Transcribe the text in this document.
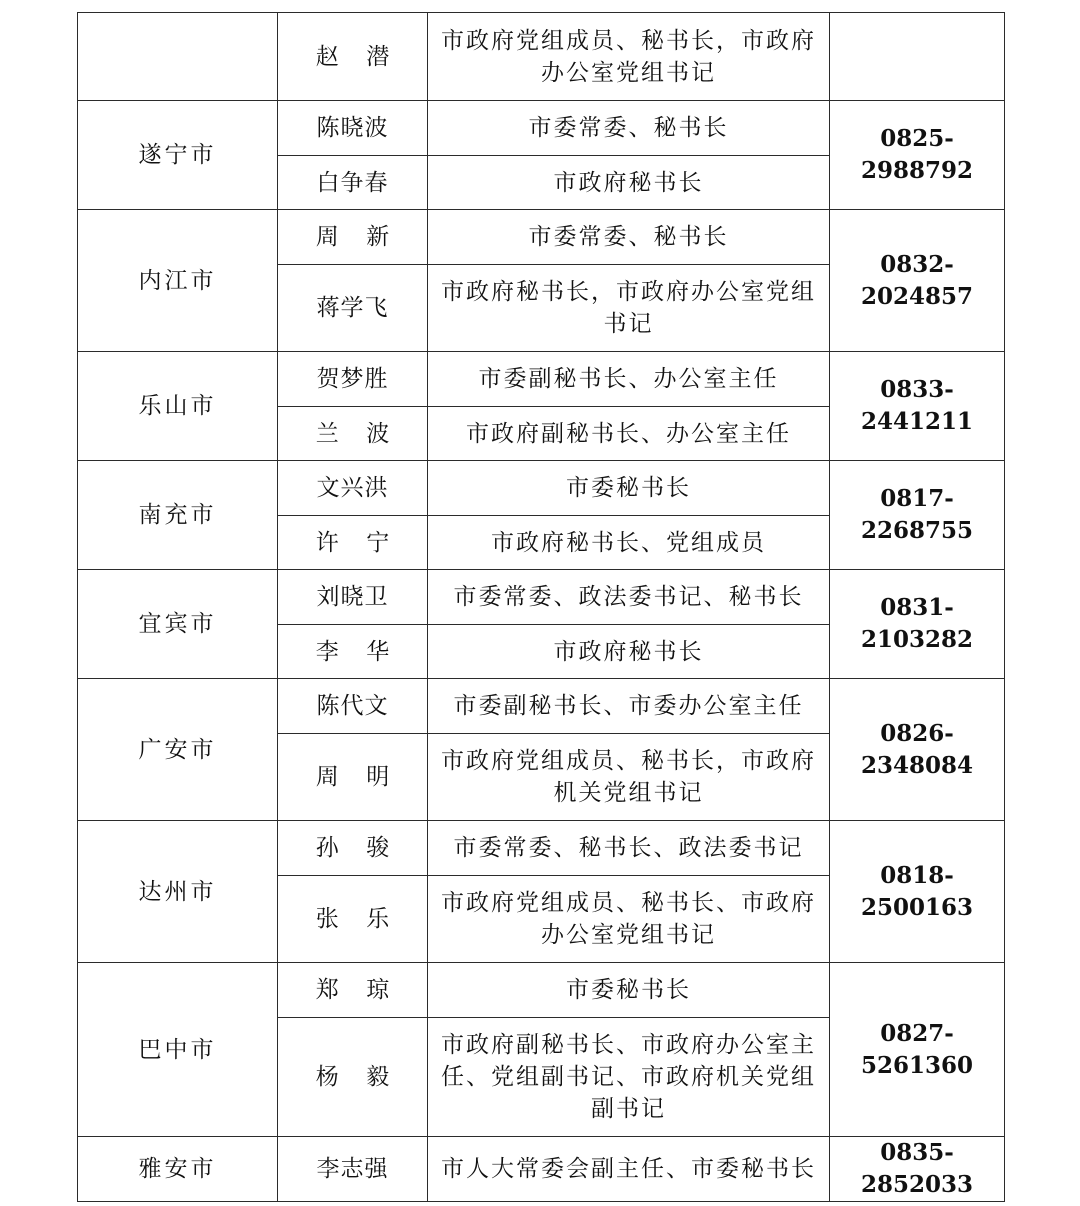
	赵潜	市政府党组成员、秘书长，市政府办公室党组书记	
遂宁市	陈晓波	市委常委、秘书长	0825-2988792
	白争春	市政府秘书长	
内江市	周新	市委常委、秘书长	0832-2024857
	蒋学飞	市政府秘书长，市政府办公室党组书记	
乐山市	贺梦胜	市委副秘书长、办公室主任	0833-2441211
	兰波	市政府副秘书长、办公室主任	
南充市	文兴洪	市委秘书长	0817-2268755
	许宁	市政府秘书长、党组成员	
宜宾市	刘晓卫	市委常委、政法委书记、秘书长	0831-2103282
	李华	市政府秘书长	
广安市	陈代文	市委副秘书长、市委办公室主任	0826-2348084
	周明	市政府党组成员、秘书长，市政府机关党组书记	
达州市	孙骏	市委常委、秘书长、政法委书记	0818-2500163
	张乐	市政府党组成员、秘书长、市政府办公室党组书记	
巴中市	郑琼	市委秘书长	0827-5261360
	杨毅	市政府副秘书长、市政府办公室主任、党组副书记、市政府机关党组副书记	
雅安市	李志强	市人大常委会副主任、市委秘书长	0835-2852033
